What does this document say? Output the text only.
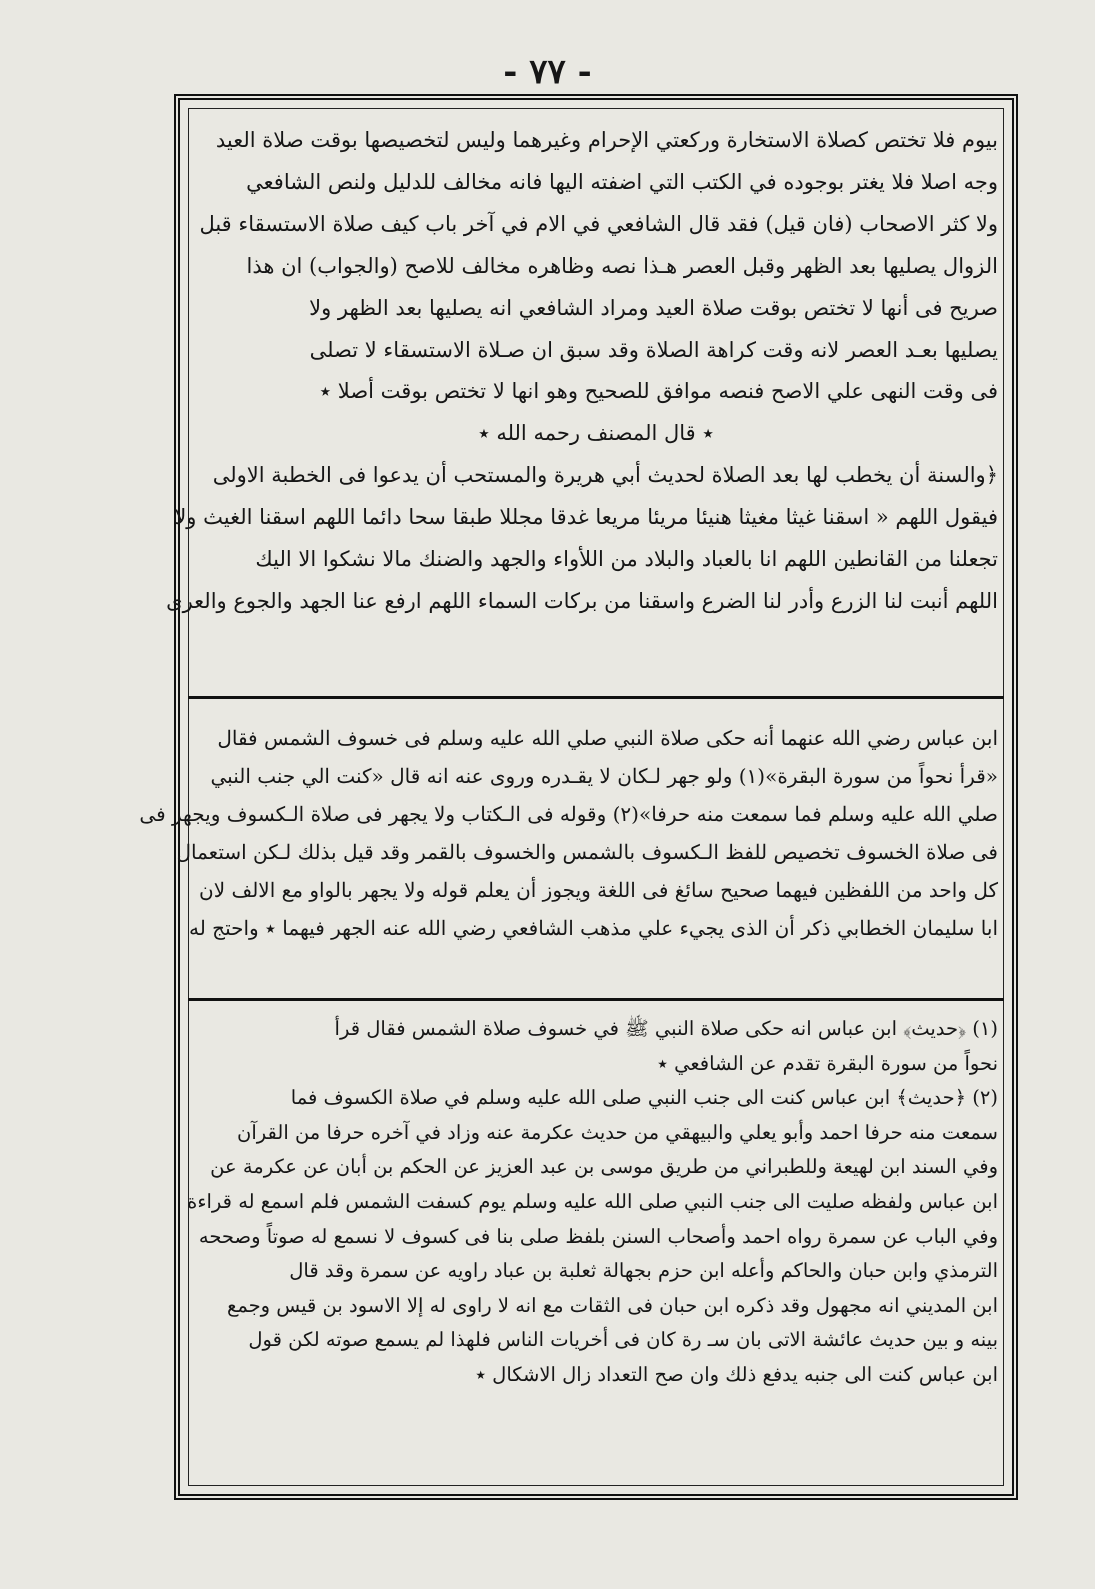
- ٧٧ -
بيوم فلا تختص كصلاة الاستخارة وركعتي الإحرام وغيرهما وليس لتخصيصها بوقت صلاة العيد
وجه اصلا فلا يغتر بوجوده في الكتب التي اضفته اليها فانه مخالف للدليل ولنص الشافعي
ولا كثر الاصحاب (فان قيل) فقد قال الشافعي في الام في آخر باب كيف صلاة الاستسقاء قبل
الزوال يصليها بعد الظهر وقبل العصر هـذا نصه وظاهره مخالف للاصح (والجواب) ان هذا
صريح فى أنها لا تختص بوقت صلاة العيد ومراد الشافعي انه يصليها بعد الظهر ولا
يصليها بعـد العصر لانه وقت كراهة الصلاة وقد سبق ان صـلاة الاستسقاء لا تصلى
فى وقت النهى علي الاصح فنصه موافق للصحيح وهو انها لا تختص بوقت أصلا ٭
٭ قال المصنف رحمه الله ٭
﴿والسنة أن يخطب لها بعد الصلاة لحديث أبي هريرة والمستحب أن يدعوا فى الخطبة الاولى
فيقول اللهم « اسقنا غيثا مغيثا هنيئا مريئا مريعا غدقا مجللا طبقا سحا دائما اللهم اسقنا الغيث ولا
تجعلنا من القانطين اللهم انا بالعباد والبلاد من اللأواء والجهد والضنك مالا نشكوا الا اليك
اللهم أنبت لنا الزرع وأدر لنا الضرع واسقنا من بركات السماء اللهم ارفع عنا الجهد والجوع والعرى
ابن عباس رضي الله عنهما أنه حكى صلاة النبي صلي الله عليه وسلم فى خسوف الشمس فقال
«قرأ نحواً من سورة البقرة»(١) ولو جهر لـكان لا يقـدره وروى عنه انه قال «كنت الي جنب النبي
صلي الله عليه وسلم فما سمعت منه حرفا»(٢) وقوله فى الـكتاب ولا يجهر فى صلاة الـكسوف ويجهر فى
فى صلاة الخسوف تخصيص للفظ الـكسوف بالشمس والخسوف بالقمر وقد قيل بذلك لـكن استعمال
كل واحد من اللفظين فيهما صحيح سائغ فى اللغة ويجوز أن يعلم قوله ولا يجهر بالواو مع الالف لان
ابا سليمان الخطابي ذكر أن الذى يجيء علي مذهب الشافعي رضي الله عنه الجهر فيهما ٭ واحتج له
(١) ﴿حديث﴾ ابن عباس انه حكى صلاة النبي ﷺ في خسوف صلاة الشمس فقال قرأ
نحواً من سورة البقرة تقدم عن الشافعي ٭
(٢) ﴿حديث﴾ ابن عباس كنت الى جنب النبي صلى الله عليه وسلم في صلاة الكسوف فما
سمعت منه حرفا احمد وأبو يعلي والبيهقي من حديث عكرمة عنه وزاد في آخره حرفا من القرآن
وفي السند ابن لهيعة وللطبراني من طريق موسى بن عبد العزيز عن الحكم بن أبان عن عكرمة عن
ابن عباس ولفظه صليت الى جنب النبي صلى الله عليه وسلم يوم كسفت الشمس فلم اسمع له قراءة
وفي الباب عن سمرة رواه احمد وأصحاب السنن بلفظ صلى بنا فى كسوف لا نسمع له صوتاً وصححه
الترمذي وابن حبان والحاكم وأعله ابن حزم بجهالة ثعلبة بن عباد راويه عن سمرة وقد قال
ابن المديني انه مجهول وقد ذكره ابن حبان فى الثقات مع انه لا راوى له إلا الاسود بن قيس وجمع
بينه و بين حديث عائشة الاتى بان سـ رة كان فى أخريات الناس فلهذا لم يسمع صوته لكن قول
ابن عباس كنت الى جنبه يدفع ذلك وان صح التعداد زال الاشكال ٭
